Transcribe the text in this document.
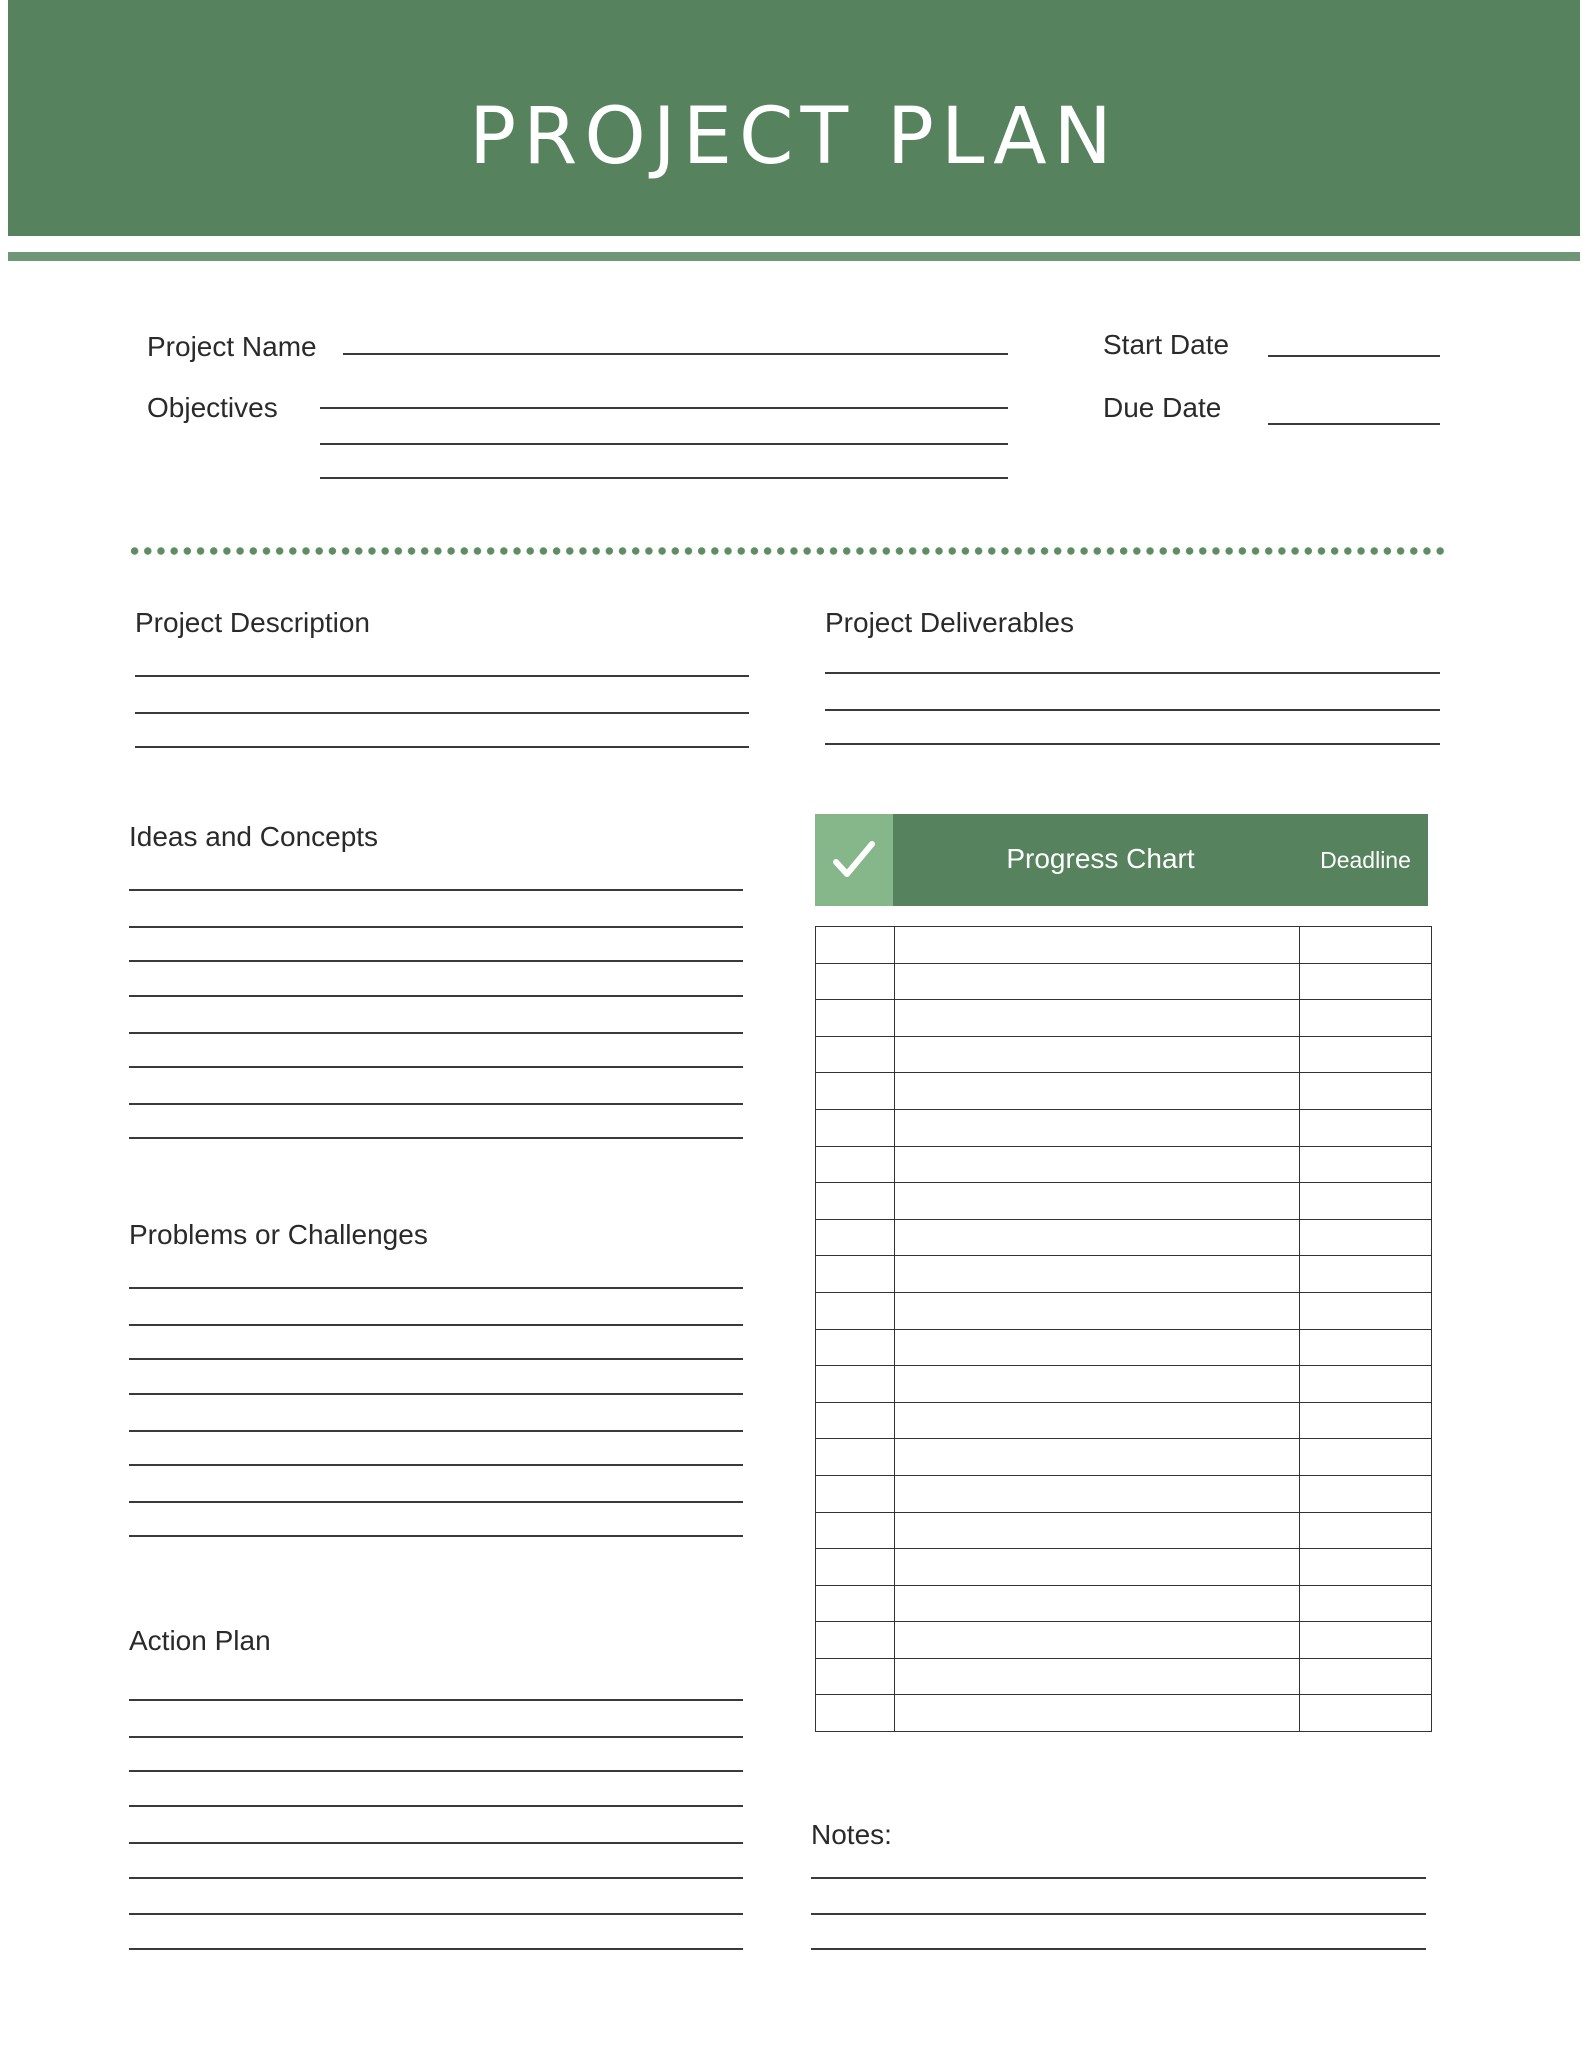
PROJECT PLAN
Project Name
Objectives
Start Date
Due Date
Project Description	Project Deliverables
Ideas and Concepts
Problems or Challenges
Action Plan
Progress Chart	Deadline

Notes:
